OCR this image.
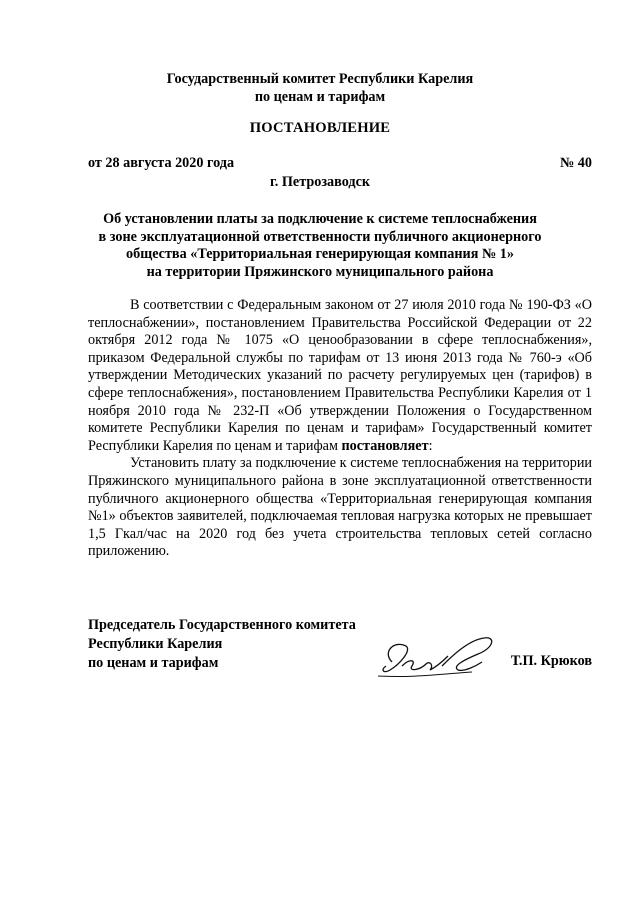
Государственный комитет Республики Карелия
по ценам и тарифам
ПОСТАНОВЛЕНИЕ
от 28 августа 2020 года	№ 40
г. Петрозаводск
Об установлении платы за подключение к системе теплоснабжения
в зоне эксплуатационной ответственности публичного акционерного
общества «Территориальная генерирующая компания № 1»
на территории Пряжинского муниципального района

В соответствии с Федеральным законом от 27 июля 2010 года № 190-ФЗ «О теплоснабжении», постановлением Правительства Российской Федерации от 22 октября 2012 года № 1075 «О ценообразовании в сфере теплоснабжения», приказом Федеральной службы по тарифам от 13 июня 2013 года № 760-э «Об утверждении Методических указаний по расчету регулируемых цен (тарифов) в сфере теплоснабжения», постановлением Правительства Республики Карелия от 1 ноября 2010 года № 232-П «Об утверждении Положения о Государственном комитете Республики Карелия по ценам и тарифам» Государственный комитет Республики Карелия по ценам и тарифам постановляет:

Установить плату за подключение к системе теплоснабжения на территории Пряжинского муниципального района в зоне эксплуатационной ответственности публичного акционерного общества «Территориальная генерирующая компания №1» объектов заявителей, подключаемая тепловая нагрузка которых не превышает 1,5 Гкал/час на 2020 год без учета строительства тепловых сетей согласно приложению.

Председатель Государственного комитета
Республики Карелия
по ценам и тарифам	Т.П. Крюков
